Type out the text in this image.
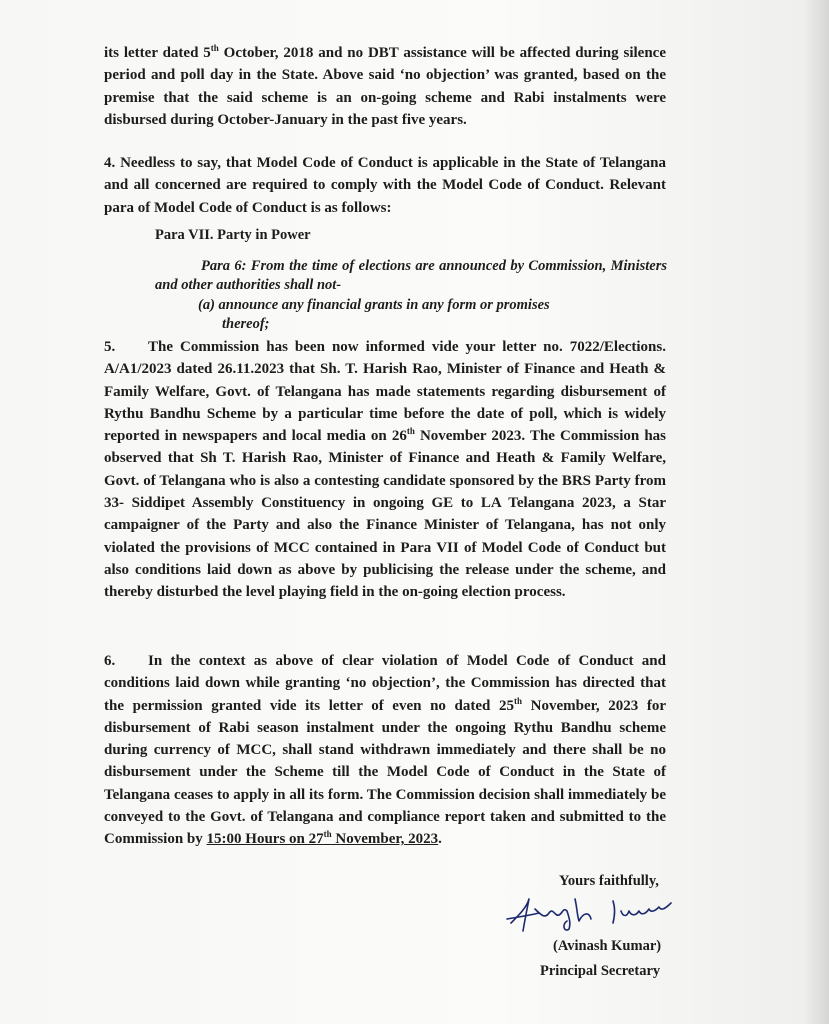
its letter dated 5th October, 2018 and no DBT assistance will be affected during silence period and poll day in the State. Above said ‘no objection’ was granted, based on the premise that the said scheme is an on-going scheme and Rabi instalments were disbursed during October-January in the past five years.

4. Needless to say, that Model Code of Conduct is applicable in the State of Telangana and all concerned are required to comply with the Model Code of Conduct. Relevant para of Model Code of Conduct is as follows:

Para VII. Party in Power
Para 6: From the time of elections are announced by Commission, Ministers and other authorities shall not-
(a) announce any financial grants in any form or promises
thereof;

5. The Commission has been now informed vide your letter no. 7022/Elections. A/A1/2023 dated 26.11.2023 that Sh. T. Harish Rao, Minister of Finance and Heath & Family Welfare, Govt. of Telangana has made statements regarding disbursement of Rythu Bandhu Scheme by a particular time before the date of poll, which is widely reported in newspapers and local media on 26th November 2023. The Commission has observed that Sh T. Harish Rao, Minister of Finance and Heath & Family Welfare, Govt. of Telangana who is also a contesting candidate sponsored by the BRS Party from 33- Siddipet Assembly Constituency in ongoing GE to LA Telangana 2023, a Star campaigner of the Party and also the Finance Minister of Telangana, has not only violated the provisions of MCC contained in Para VII of Model Code of Conduct but also conditions laid down as above by publicising the release under the scheme, and thereby disturbed the level playing field in the on-going election process.

6. In the context as above of clear violation of Model Code of Conduct and conditions laid down while granting ‘no objection’, the Commission has directed that the permission granted vide its letter of even no dated 25th November, 2023 for disbursement of Rabi season instalment under the ongoing Rythu Bandhu scheme during currency of MCC, shall stand withdrawn immediately and there shall be no disbursement under the Scheme till the Model Code of Conduct in the State of Telangana ceases to apply in all its form. The Commission decision shall immediately be conveyed to the Govt. of Telangana and compliance report taken and submitted to the Commission by 15:00 Hours on 27th November, 2023.

Yours faithfully,
(Avinash Kumar)
Principal Secretary
